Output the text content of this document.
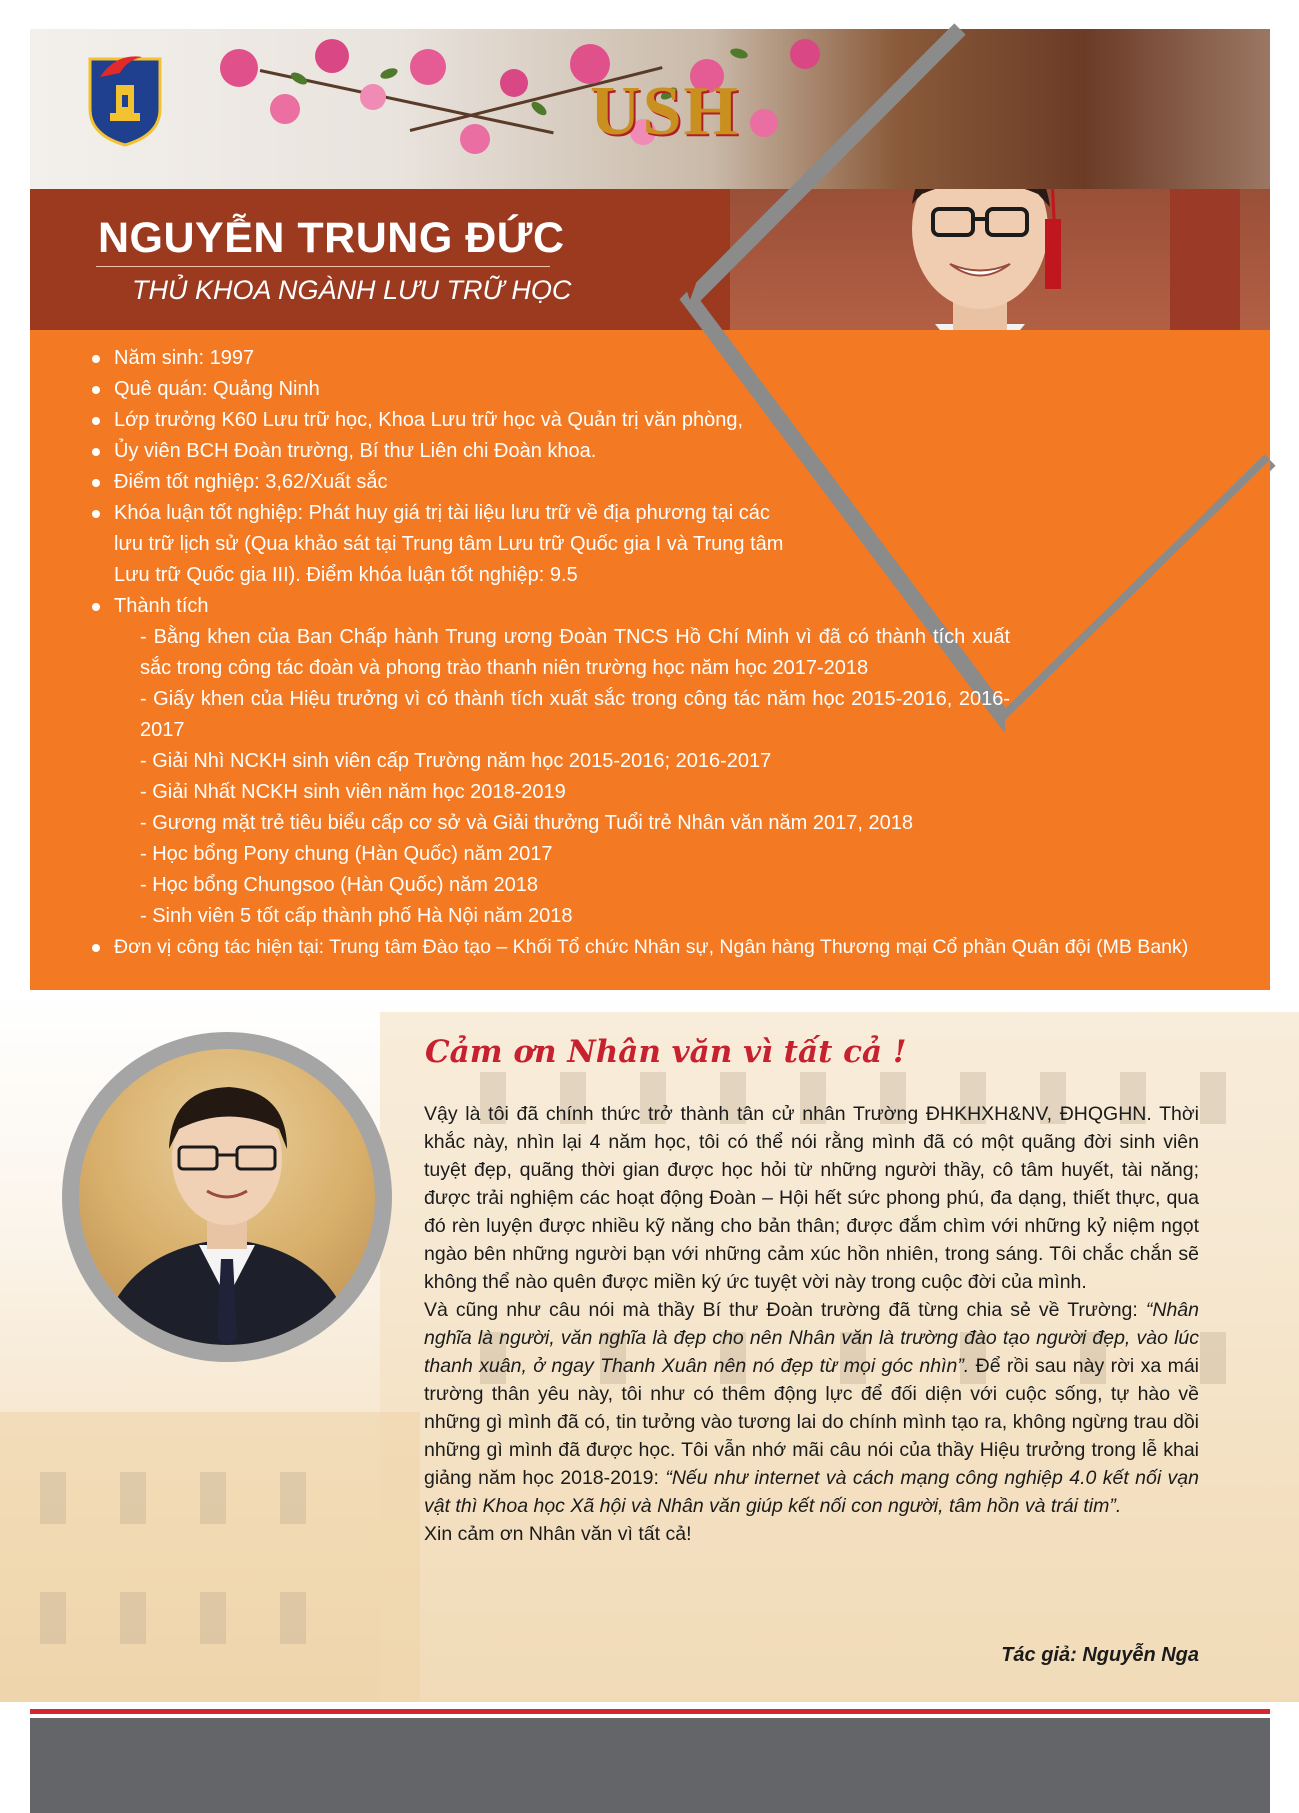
USH
NGUYỄN TRUNG ĐỨC
THỦ KHOA NGÀNH LƯU TRỮ HỌC
Năm sinh: 1997
Quê quán: Quảng Ninh
Lớp trưởng K60 Lưu trữ học, Khoa Lưu trữ học và Quản trị văn phòng,
Ủy viên BCH Đoàn trường, Bí thư Liên chi Đoàn khoa.
Điểm tốt nghiệp: 3,62/Xuất sắc
Khóa luận tốt nghiệp: Phát huy giá trị tài liệu lưu trữ về địa phương tại các lưu trữ lịch sử (Qua khảo sát tại Trung tâm Lưu trữ Quốc gia I và Trung tâm Lưu trữ Quốc gia III). Điểm khóa luận tốt nghiệp: 9.5
Thành tích
- Bằng khen của Ban Chấp hành Trung ương Đoàn TNCS Hồ Chí Minh vì đã có thành tích xuất sắc trong công tác đoàn và phong trào thanh niên trường học năm học 2017-2018
- Giấy khen của Hiệu trưởng vì có thành tích xuất sắc trong công tác năm học 2015-2016, 2016-2017
- Giải Nhì NCKH sinh viên cấp Trường năm học 2015-2016; 2016-2017
- Giải Nhất NCKH sinh viên năm học 2018-2019
- Gương mặt trẻ tiêu biểu cấp cơ sở và Giải thưởng Tuổi trẻ Nhân văn năm 2017, 2018
- Học bổng Pony chung (Hàn Quốc) năm 2017
- Học bổng Chungsoo (Hàn Quốc) năm 2018
- Sinh viên 5 tốt cấp thành phố Hà Nội năm 2018
Đơn vị công tác hiện tại: Trung tâm Đào tạo – Khối Tổ chức Nhân sự, Ngân hàng Thương mại Cổ phần Quân đội (MB Bank)
Cảm ơn Nhân văn vì tất cả !

Vậy là tôi đã chính thức trở thành tân cử nhân Trường ĐHKHXH&NV, ĐHQGHN. Thời khắc này, nhìn lại 4 năm học, tôi có thể nói rằng mình đã có một quãng đời sinh viên tuyệt đẹp, quãng thời gian được học hỏi từ những người thầy, cô tâm huyết, tài năng; được trải nghiệm các hoạt động Đoàn – Hội hết sức phong phú, đa dạng, thiết thực, qua đó rèn luyện được nhiều kỹ năng cho bản thân; được đắm chìm với những kỷ niệm ngọt ngào bên những người bạn với những cảm xúc hồn nhiên, trong sáng. Tôi chắc chắn sẽ không thể nào quên được miền ký ức tuyệt vời này trong cuộc đời của mình.

Và cũng như câu nói mà thầy Bí thư Đoàn trường đã từng chia sẻ về Trường: “Nhân nghĩa là người, văn nghĩa là đẹp cho nên Nhân văn là trường đào tạo người đẹp, vào lúc thanh xuân, ở ngay Thanh Xuân nên nó đẹp từ mọi góc nhìn”. Để rồi sau này rời xa mái trường thân yêu này, tôi như có thêm động lực để đối diện với cuộc sống, tự hào về những gì mình đã có, tin tưởng vào tương lai do chính mình tạo ra, không ngừng trau dồi những gì mình đã được học. Tôi vẫn nhớ mãi câu nói của thầy Hiệu trưởng trong lễ khai giảng năm học 2018-2019: “Nếu như internet và cách mạng công nghiệp 4.0 kết nối vạn vật thì Khoa học Xã hội và Nhân văn giúp kết nối con người, tâm hồn và trái tim”.

Xin cảm ơn Nhân văn vì tất cả!

Tác giả: Nguyễn Nga
